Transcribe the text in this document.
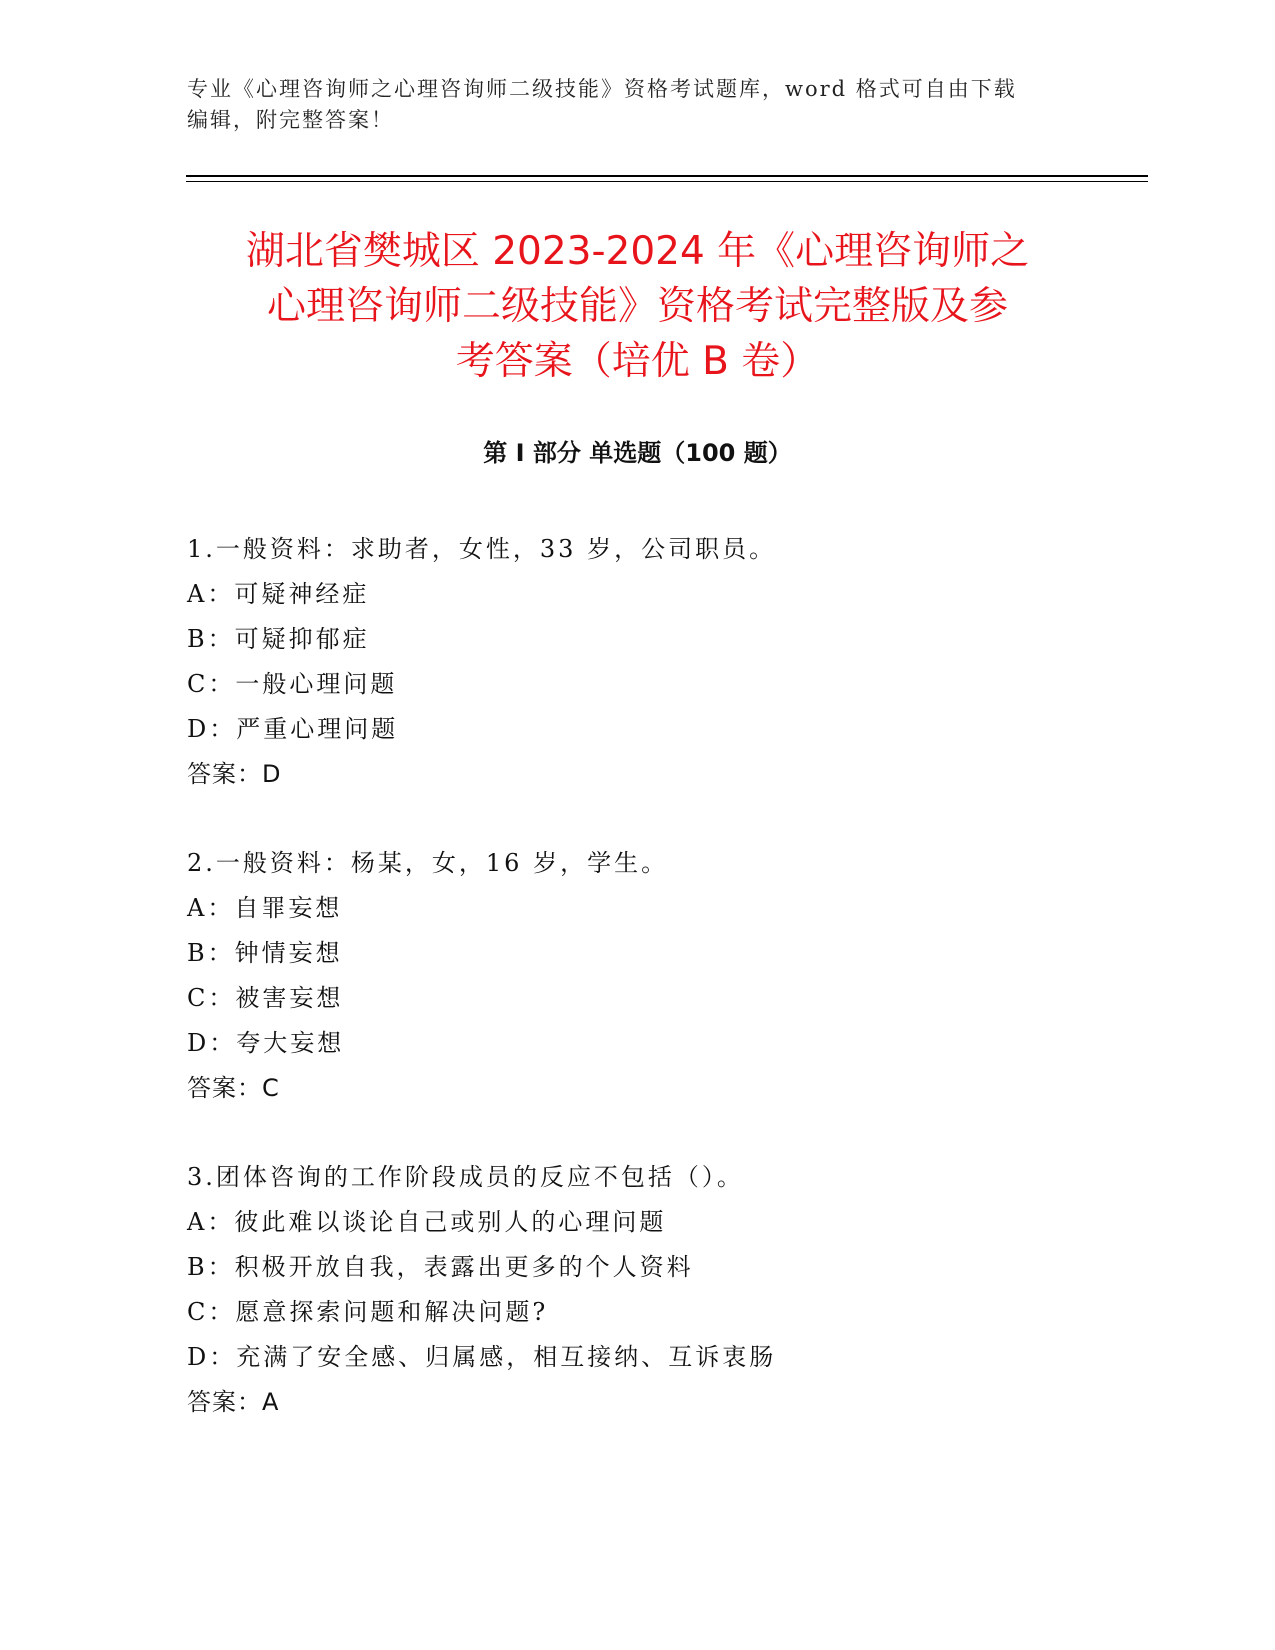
专业《心理咨询师之心理咨询师二级技能》资格考试题库，word 格式可自由下载

编辑，附完整答案！

湖北省樊城区 2023-2024 年《心理咨询师之
心理咨询师二级技能》资格考试完整版及参
考答案（培优 B 卷）
第 I 部分 单选题（100 题）
1.一般资料：求助者，女性，33 岁，公司职员。
A：可疑神经症
B：可疑抑郁症
C：一般心理问题
D：严重心理问题
答案：D
2.一般资料：杨某，女，16 岁，学生。
A：自罪妄想
B：钟情妄想
C：被害妄想
D：夸大妄想
答案：C
3.团体咨询的工作阶段成员的反应不包括（）。
A：彼此难以谈论自己或别人的心理问题
B：积极开放自我，表露出更多的个人资料
C：愿意探索问题和解决问题?
D：充满了安全感、归属感，相互接纳、互诉衷肠
答案：A
